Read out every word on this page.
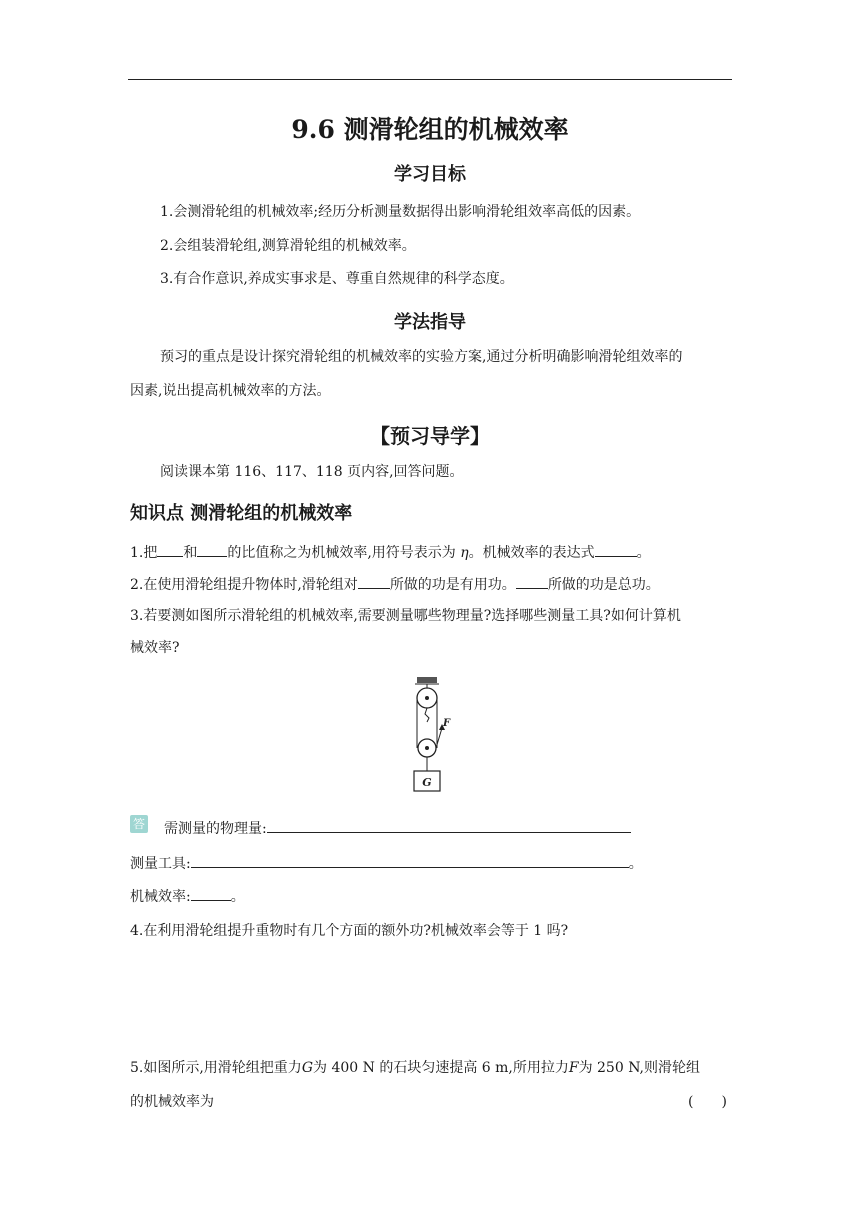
9.6 测滑轮组的机械效率
学习目标
1.会测滑轮组的机械效率;经历分析测量数据得出影响滑轮组效率高低的因素。
2.会组装滑轮组,测算滑轮组的机械效率。
3.有合作意识,养成实事求是、尊重自然规律的科学态度。
学法指导
预习的重点是设计探究滑轮组的机械效率的实验方案,通过分析明确影响滑轮组效率的
因素,说出提高机械效率的方法。
【预习导学】
阅读课本第 116、117、118 页内容,回答问题。
知识点 测滑轮组的机械效率
1.把 和 的比值称之为机械效率,用符号表示为 η。机械效率的表达式	。
2.在使用滑轮组提升物体时,滑轮组对 所做的功是有用功。 所做的功是总功。
3.若要测如图所示滑轮组的机械效率,需要测量哪些物理量?选择哪些测量工具?如何计算机
械效率?
F
G
答 需测量的物理量:
测量工具:	。
机械效率:	。
4.在利用滑轮组提升重物时有几个方面的额外功?机械效率会等于 1 吗?
5.如图所示,用滑轮组把重力G为 400 N 的石块匀速提高 6 m,所用拉力F为 250 N,则滑轮组
的机械效率为	(　　)
